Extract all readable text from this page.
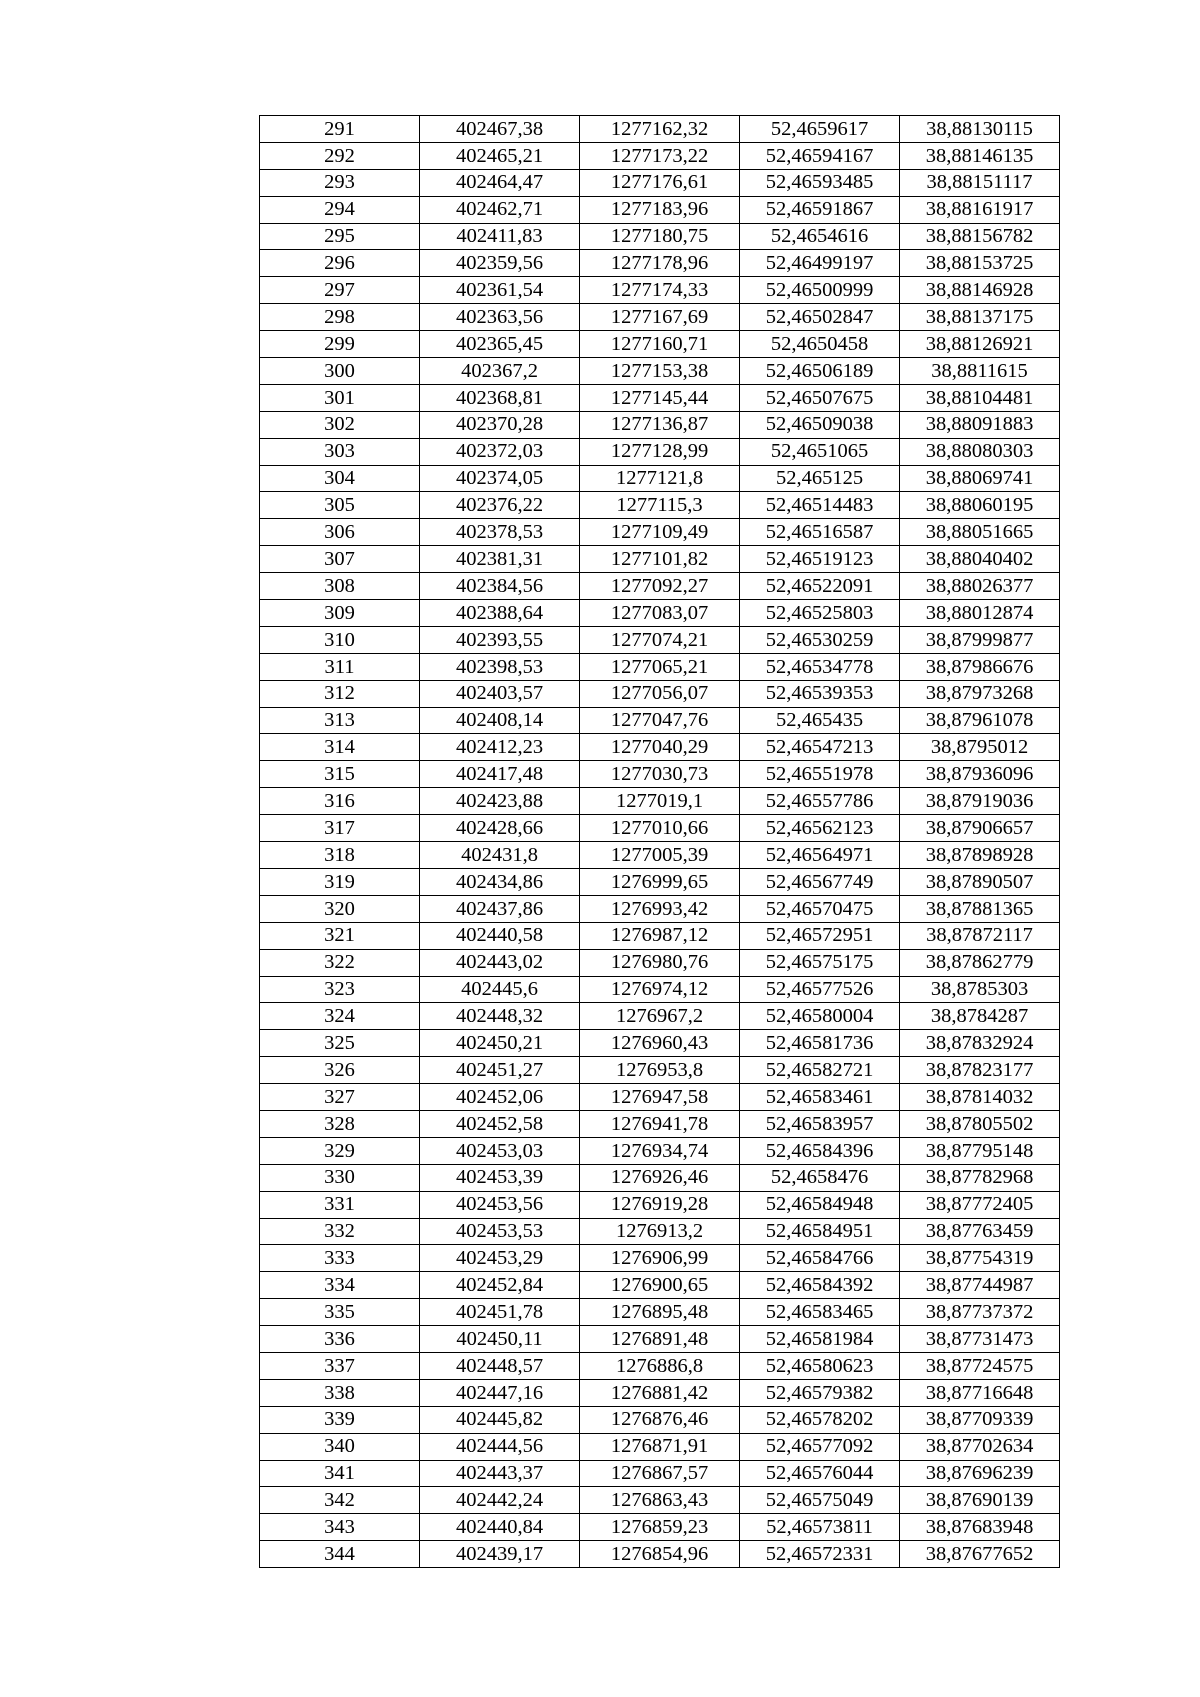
291	402467,38	1277162,32	52,4659617	38,88130115
292	402465,21	1277173,22	52,46594167	38,88146135
293	402464,47	1277176,61	52,46593485	38,88151117
294	402462,71	1277183,96	52,46591867	38,88161917
295	402411,83	1277180,75	52,4654616	38,88156782
296	402359,56	1277178,96	52,46499197	38,88153725
297	402361,54	1277174,33	52,46500999	38,88146928
298	402363,56	1277167,69	52,46502847	38,88137175
299	402365,45	1277160,71	52,4650458	38,88126921
300	402367,2	1277153,38	52,46506189	38,8811615
301	402368,81	1277145,44	52,46507675	38,88104481
302	402370,28	1277136,87	52,46509038	38,88091883
303	402372,03	1277128,99	52,4651065	38,88080303
304	402374,05	1277121,8	52,465125	38,88069741
305	402376,22	1277115,3	52,46514483	38,88060195
306	402378,53	1277109,49	52,46516587	38,88051665
307	402381,31	1277101,82	52,46519123	38,88040402
308	402384,56	1277092,27	52,46522091	38,88026377
309	402388,64	1277083,07	52,46525803	38,88012874
310	402393,55	1277074,21	52,46530259	38,87999877
311	402398,53	1277065,21	52,46534778	38,87986676
312	402403,57	1277056,07	52,46539353	38,87973268
313	402408,14	1277047,76	52,465435	38,87961078
314	402412,23	1277040,29	52,46547213	38,8795012
315	402417,48	1277030,73	52,46551978	38,87936096
316	402423,88	1277019,1	52,46557786	38,87919036
317	402428,66	1277010,66	52,46562123	38,87906657
318	402431,8	1277005,39	52,46564971	38,87898928
319	402434,86	1276999,65	52,46567749	38,87890507
320	402437,86	1276993,42	52,46570475	38,87881365
321	402440,58	1276987,12	52,46572951	38,87872117
322	402443,02	1276980,76	52,46575175	38,87862779
323	402445,6	1276974,12	52,46577526	38,8785303
324	402448,32	1276967,2	52,46580004	38,8784287
325	402450,21	1276960,43	52,46581736	38,87832924
326	402451,27	1276953,8	52,46582721	38,87823177
327	402452,06	1276947,58	52,46583461	38,87814032
328	402452,58	1276941,78	52,46583957	38,87805502
329	402453,03	1276934,74	52,46584396	38,87795148
330	402453,39	1276926,46	52,4658476	38,87782968
331	402453,56	1276919,28	52,46584948	38,87772405
332	402453,53	1276913,2	52,46584951	38,87763459
333	402453,29	1276906,99	52,46584766	38,87754319
334	402452,84	1276900,65	52,46584392	38,87744987
335	402451,78	1276895,48	52,46583465	38,87737372
336	402450,11	1276891,48	52,46581984	38,87731473
337	402448,57	1276886,8	52,46580623	38,87724575
338	402447,16	1276881,42	52,46579382	38,87716648
339	402445,82	1276876,46	52,46578202	38,87709339
340	402444,56	1276871,91	52,46577092	38,87702634
341	402443,37	1276867,57	52,46576044	38,87696239
342	402442,24	1276863,43	52,46575049	38,87690139
343	402440,84	1276859,23	52,46573811	38,87683948
344	402439,17	1276854,96	52,46572331	38,87677652
